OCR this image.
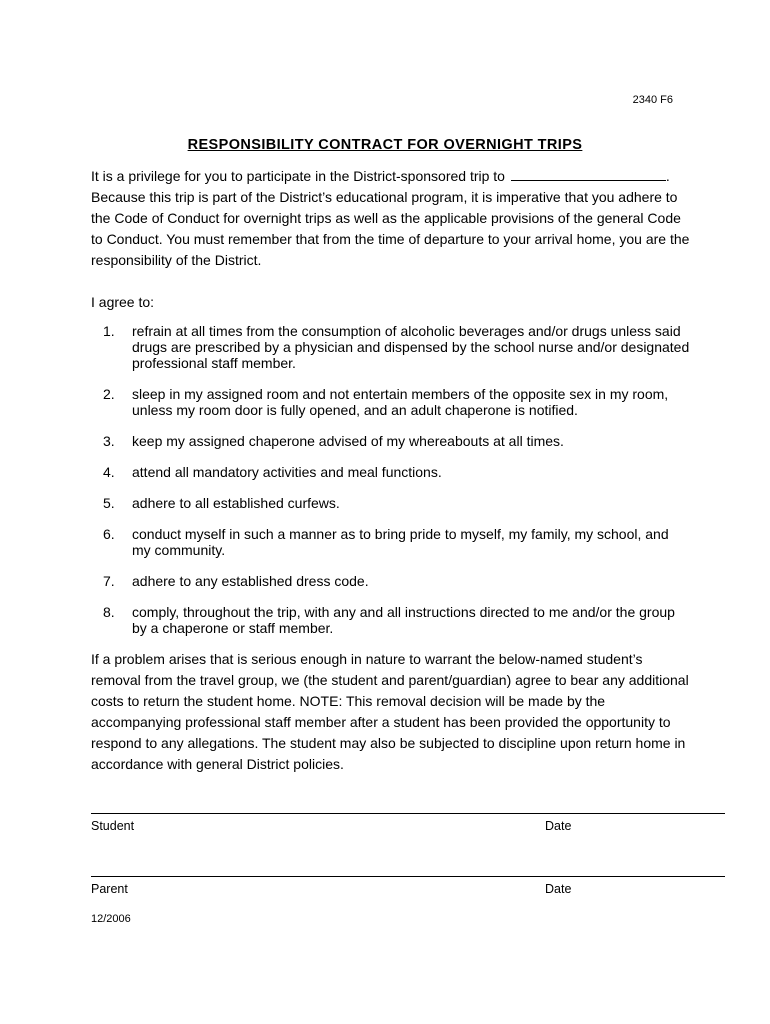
2340 F6
RESPONSIBILITY CONTRACT FOR OVERNIGHT TRIPS
It is a privilege for you to participate in the District-sponsored trip to	. Because this trip is part of the District’s educational program, it is imperative that you adhere to the Code of Conduct for overnight trips as well as the applicable provisions of the general Code to Conduct. You must remember that from the time of departure to your arrival home, you are the responsibility of the District.
I agree to:
1. refrain at all times from the consumption of alcoholic beverages and/or drugs unless said drugs are prescribed by a physician and dispensed by the school nurse and/or designated professional staff member.
2. sleep in my assigned room and not entertain members of the opposite sex in my room, unless my room door is fully opened, and an adult chaperone is notified.
3. keep my assigned chaperone advised of my whereabouts at all times.
4. attend all mandatory activities and meal functions.
5. adhere to all established curfews.
6. conduct myself in such a manner as to bring pride to myself, my family, my school, and my community.
7. adhere to any established dress code.
8. comply, throughout the trip, with any and all instructions directed to me and/or the group by a chaperone or staff member.
If a problem arises that is serious enough in nature to warrant the below-named student’s removal from the travel group, we (the student and parent/guardian) agree to bear any additional costs to return the student home. NOTE: This removal decision will be made by the accompanying professional staff member after a student has been provided the opportunity to respond to any allegations. The student may also be subjected to discipline upon return home in accordance with general District policies.
Student	Date
Parent	Date
12/2006
